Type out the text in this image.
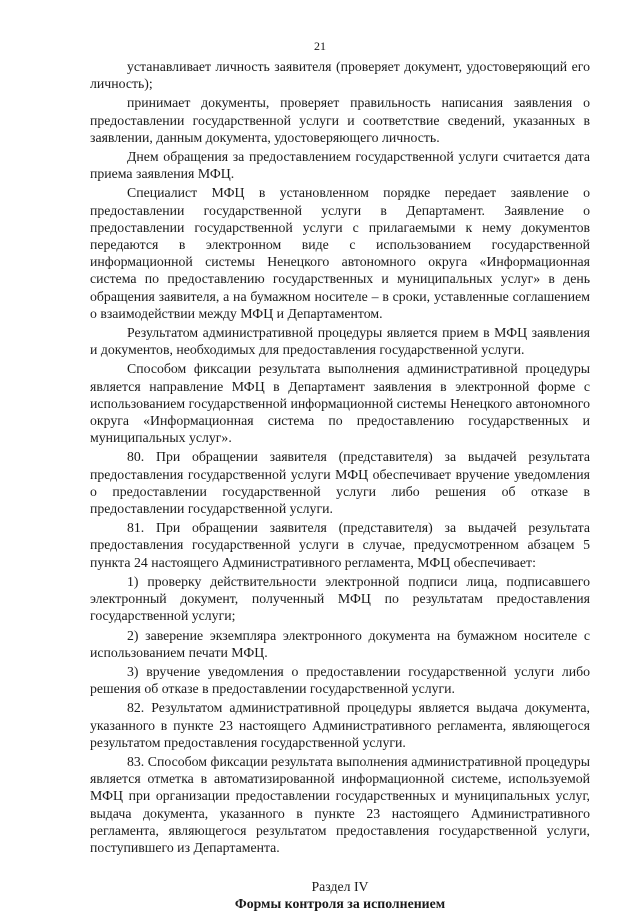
21

устанавливает личность заявителя (проверяет документ, удостоверяющий его личность);

принимает документы, проверяет правильность написания заявления о предоставлении государственной услуги и соответствие сведений, указанных в заявлении, данным документа, удостоверяющего личность.

Днем обращения за предоставлением государственной услуги считается дата приема заявления МФЦ.

Специалист МФЦ в установленном порядке передает заявление о предоставлении государственной услуги в Департамент. Заявление о предоставлении государственной услуги с прилагаемыми к нему документов передаются в электронном виде с использованием государственной информационной системы Ненецкого автономного округа «Информационная система по предоставлению государственных и муниципальных услуг» в день обращения заявителя, а на бумажном носителе – в сроки, уставленные соглашением о взаимодействии между МФЦ и Департаментом.

Результатом административной процедуры является прием в МФЦ заявления и документов, необходимых для предоставления государственной услуги.

Способом фиксации результата выполнения административной процедуры является направление МФЦ в Департамент заявления в электронной форме с использованием государственной информационной системы Ненецкого автономного округа «Информационная система по предоставлению государственных и муниципальных услуг».

80. При обращении заявителя (представителя) за выдачей результата предоставления государственной услуги МФЦ обеспечивает вручение уведомления о предоставлении государственной услуги либо решения об отказе в предоставлении государственной услуги.

81. При обращении заявителя (представителя) за выдачей результата предоставления государственной услуги в случае, предусмотренном абзацем 5 пункта 24 настоящего Административного регламента, МФЦ обеспечивает:

1) проверку действительности электронной подписи лица, подписавшего электронный документ, полученный МФЦ по результатам предоставления государственной услуги;

2) заверение экземпляра электронного документа на бумажном носителе с использованием печати МФЦ.

3) вручение уведомления о предоставлении государственной услуги либо решения об отказе в предоставлении государственной услуги.

82. Результатом административной процедуры является выдача документа, указанного в пункте 23 настоящего Административного регламента, являющегося результатом предоставления государственной услуги.

83. Способом фиксации результата выполнения административной процедуры является отметка в автоматизированной информационной системе, используемой МФЦ при организации предоставлении государственных и муниципальных услуг, выдача документа, указанного в пункте 23 настоящего Административного регламента, являющегося результатом предоставления государственной услуги, поступившего из Департамента.

Раздел IV
Формы контроля за исполнением
